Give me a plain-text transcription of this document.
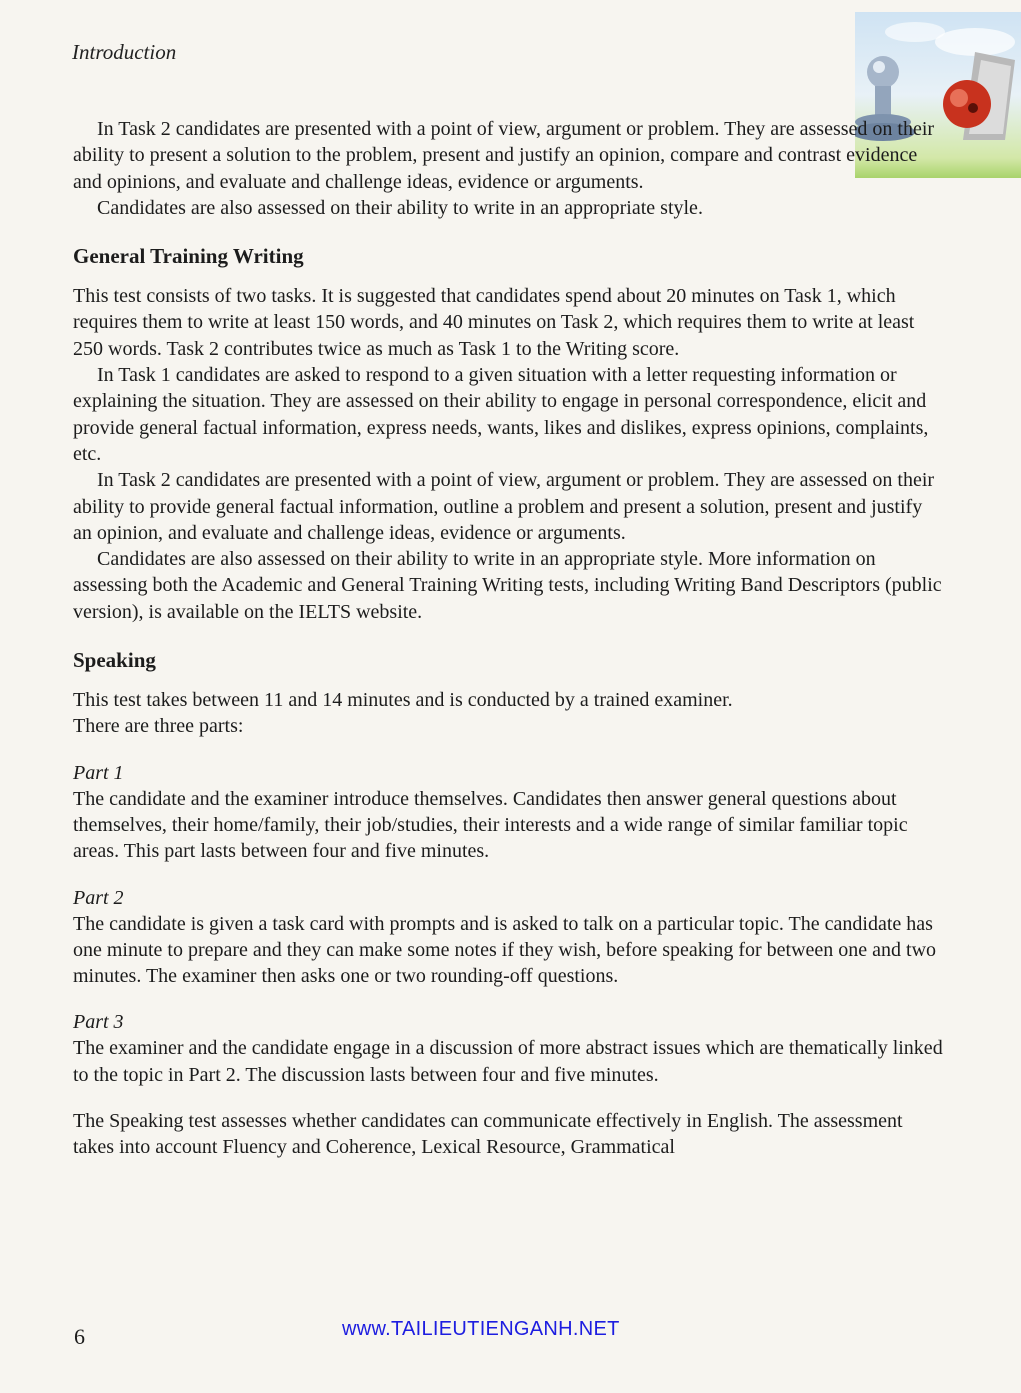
Introduction

In Task 2 candidates are presented with a point of view, argument or problem. They are assessed on their ability to present a solution to the problem, present and justify an opinion, compare and contrast evidence and opinions, and evaluate and challenge ideas, evidence or arguments.

Candidates are also assessed on their ability to write in an appropriate style.

General Training Writing

This test consists of two tasks. It is suggested that candidates spend about 20 minutes on Task 1, which requires them to write at least 150 words, and 40 minutes on Task 2, which requires them to write at least 250 words. Task 2 contributes twice as much as Task 1 to the Writing score.

In Task 1 candidates are asked to respond to a given situation with a letter requesting information or explaining the situation. They are assessed on their ability to engage in personal correspondence, elicit and provide general factual information, express needs, wants, likes and dislikes, express opinions, complaints, etc.

In Task 2 candidates are presented with a point of view, argument or problem. They are assessed on their ability to provide general factual information, outline a problem and present a solution, present and justify an opinion, and evaluate and challenge ideas, evidence or arguments.

Candidates are also assessed on their ability to write in an appropriate style. More information on assessing both the Academic and General Training Writing tests, including Writing Band Descriptors (public version), is available on the IELTS website.

Speaking

This test takes between 11 and 14 minutes and is conducted by a trained examiner.

There are three parts:

Part 1

The candidate and the examiner introduce themselves. Candidates then answer general questions about themselves, their home/family, their job/studies, their interests and a wide range of similar familiar topic areas. This part lasts between four and five minutes.

Part 2

The candidate is given a task card with prompts and is asked to talk on a particular topic. The candidate has one minute to prepare and they can make some notes if they wish, before speaking for between one and two minutes. The examiner then asks one or two rounding-off questions.

Part 3

The examiner and the candidate engage in a discussion of more abstract issues which are thematically linked to the topic in Part 2. The discussion lasts between four and five minutes.

The Speaking test assesses whether candidates can communicate effectively in English. The assessment takes into account Fluency and Coherence, Lexical Resource, Grammatical

6	www.TAILIEUTIENGANH.NET
